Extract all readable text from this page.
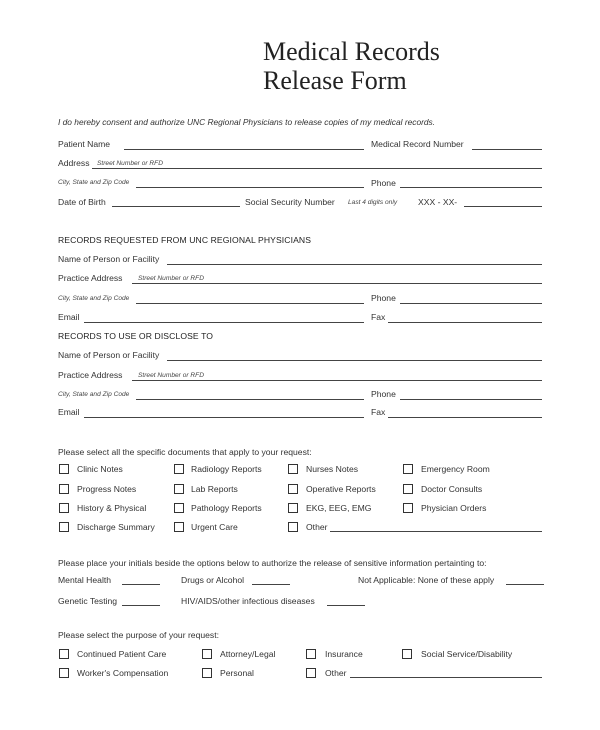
Medical Records
Release Form
I do hereby consent and authorize UNC Regional Physicians to release copies of my medical records.
Patient Name	Medical Record Number
Address Street Number or RFD
City, State and Zip Code	Phone
Date of Birth	Social Security Number Last 4 digits only XXX - XX-
RECORDS REQUESTED FROM UNC REGIONAL PHYSICIANS
Name of Person or Facility
Practice Address Street Number or RFD
City, State and Zip Code	Phone
Email	Fax
RECORDS TO USE OR DISCLOSE TO
Name of Person or Facility
Practice Address Street Number or RFD
City, State and Zip Code	Phone
Email	Fax
Please select all the specific documents that apply to your request:
Clinic Notes	Radiology Reports	Nurses Notes	Emergency Room
Progress Notes	Lab Reports	Operative Reports	Doctor Consults
History & Physical	Pathology Reports	EKG, EEG, EMG	Physician Orders
Discharge Summary	Urgent Care	Other
Please place your initials beside the options below to authorize the release of sensitive information pertainting to:
Mental Health	Drugs or Alcohol	Not Applicable: None of these apply
Genetic Testing	HIV/AIDS/other infectious diseases
Please select the purpose of your request:
Continued Patient Care	Attorney/Legal	Insurance	Social Service/Disability
Worker's Compensation	Personal	Other
